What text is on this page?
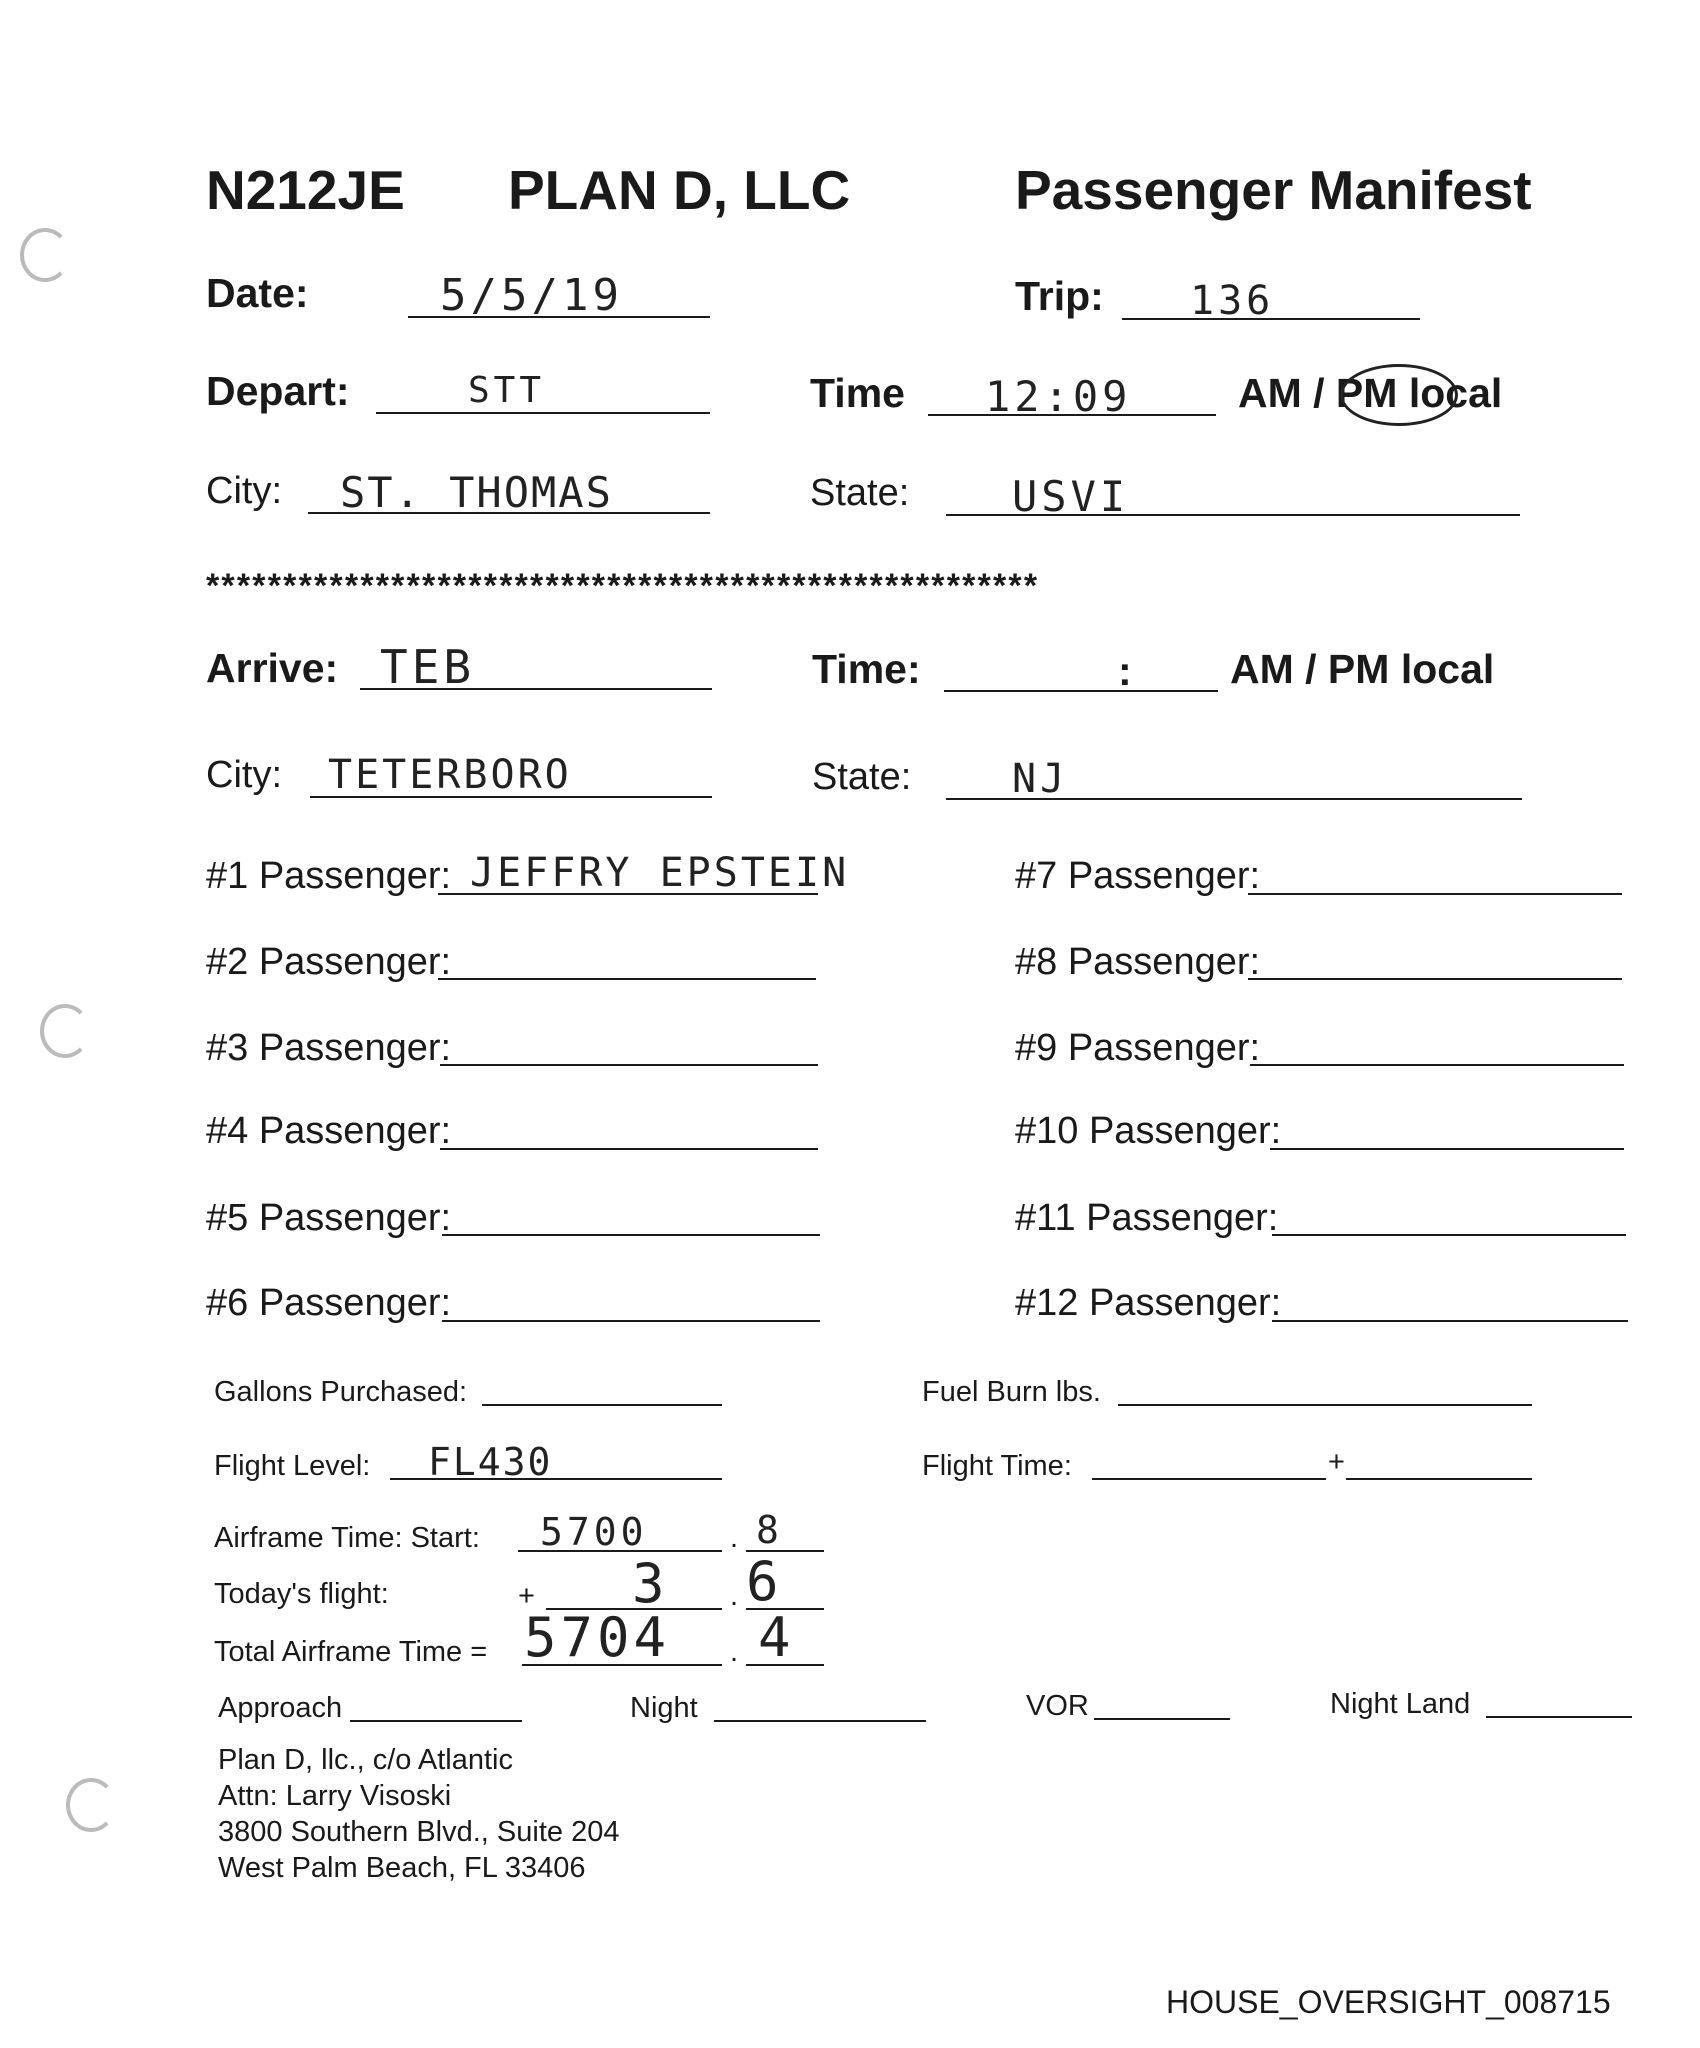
N212JE PLAN D, LLC	Passenger Manifest
Date:	5/5/19	Trip: 136
Depart:	STT	Time 12:09	AM / PM local
City: ST. THOMAS	State: USVI
******************************************************
Arrive: TEB	Time:	: AM / PM local
City: TETERBORO	State:	NJ
#1 Passenger: JEFFRY EPSTEIN
#2 Passenger:
#3 Passenger:
#4 Passenger:
#5 Passenger:
#6 Passenger:
#7 Passenger:
#8 Passenger:
#9 Passenger:
#10 Passenger:
#11 Passenger:
#12 Passenger:
Gallons Purchased:	Fuel Burn lbs.
Flight Level: FL430	Flight Time:	+
Airframe Time: Start: 5700	. 8
Today's flight:	+ 3 . 6
Total Airframe Time = 5704 . 4
Approach	Night	VOR	Night Land
Plan D, llc., c/o Atlantic
Attn: Larry Visoski
3800 Southern Blvd., Suite 204
West Palm Beach, FL 33406
HOUSE_OVERSIGHT_008715
